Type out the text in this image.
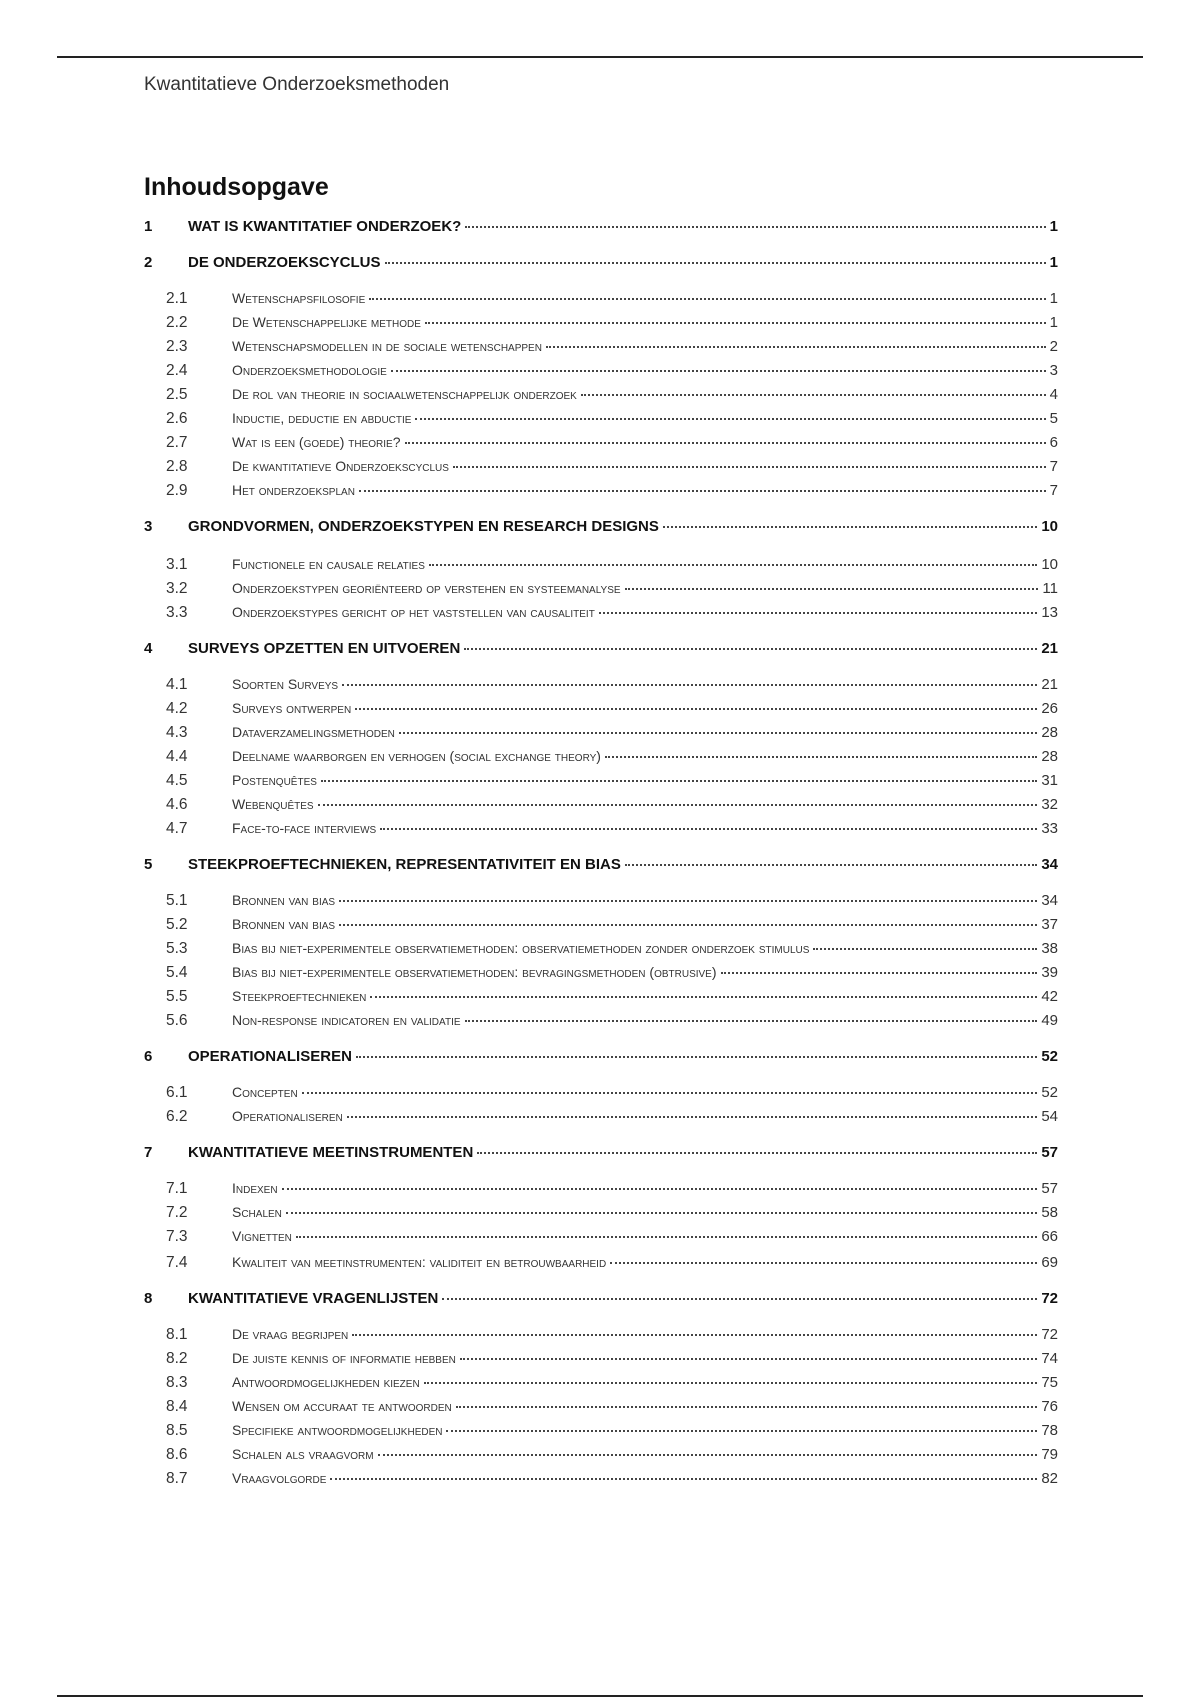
Kwantitatieve Onderzoeksmethoden
Inhoudsopgave
1	WAT IS KWANTITATIEF ONDERZOEK?	1
2	DE ONDERZOEKSCYCLUS	1
2.1	Wetenschapsfilosofie	1
2.2	De Wetenschappelijke methode	1
2.3	Wetenschapsmodellen in de sociale wetenschappen	2
2.4	Onderzoeksmethodologie	3
2.5	De rol van theorie in sociaalwetenschappelijk onderzoek	4
2.6	Inductie, deductie en abductie	5
2.7	Wat is een (goede) theorie?	6
2.8	De kwantitatieve Onderzoekscyclus	7
2.9	Het onderzoeksplan	7
3	GRONDVORMEN, ONDERZOEKSTYPEN EN RESEARCH DESIGNS	10
3.1	Functionele en causale relaties	10
3.2	Onderzoekstypen georiënteerd op verstehen en systeemanalyse	11
3.3	Onderzoekstypes gericht op het vaststellen van causaliteit	13
4	SURVEYS OPZETTEN EN UITVOEREN	21
4.1	Soorten Surveys	21
4.2	Surveys ontwerpen	26
4.3	Dataverzamelingsmethoden	28
4.4	Deelname waarborgen en verhogen (social exchange theory)	28
4.5	Postenquêtes	31
4.6	Webenquêtes	32
4.7	Face-to-face interviews	33
5	STEEKPROEFTECHNIEKEN, REPRESENTATIVITEIT EN BIAS	34
5.1	Bronnen van bias	34
5.2	Bronnen van bias	37
5.3	Bias bij niet-experimentele observatiemethoden: observatiemethoden zonder onderzoek stimulus	38
5.4	Bias bij niet-experimentele observatiemethoden: bevragingsmethoden (obtrusive)	39
5.5	Steekproeftechnieken	42
5.6	Non-response indicatoren en validatie	49
6	OPERATIONALISEREN	52
6.1	Concepten	52
6.2	Operationaliseren	54
7	KWANTITATIEVE MEETINSTRUMENTEN	57
7.1	Indexen	57
7.2	Schalen	58
7.3	Vignetten	66
7.4	Kwaliteit van meetinstrumenten: validiteit en betrouwbaarheid	69
8	KWANTITATIEVE VRAGENLIJSTEN	72
8.1	De vraag begrijpen	72
8.2	De juiste kennis of informatie hebben	74
8.3	Antwoordmogelijkheden kiezen	75
8.4	Wensen om accuraat te antwoorden	76
8.5	Specifieke antwoordmogelijkheden	78
8.6	Schalen als vraagvorm	79
8.7	Vraagvolgorde	82
